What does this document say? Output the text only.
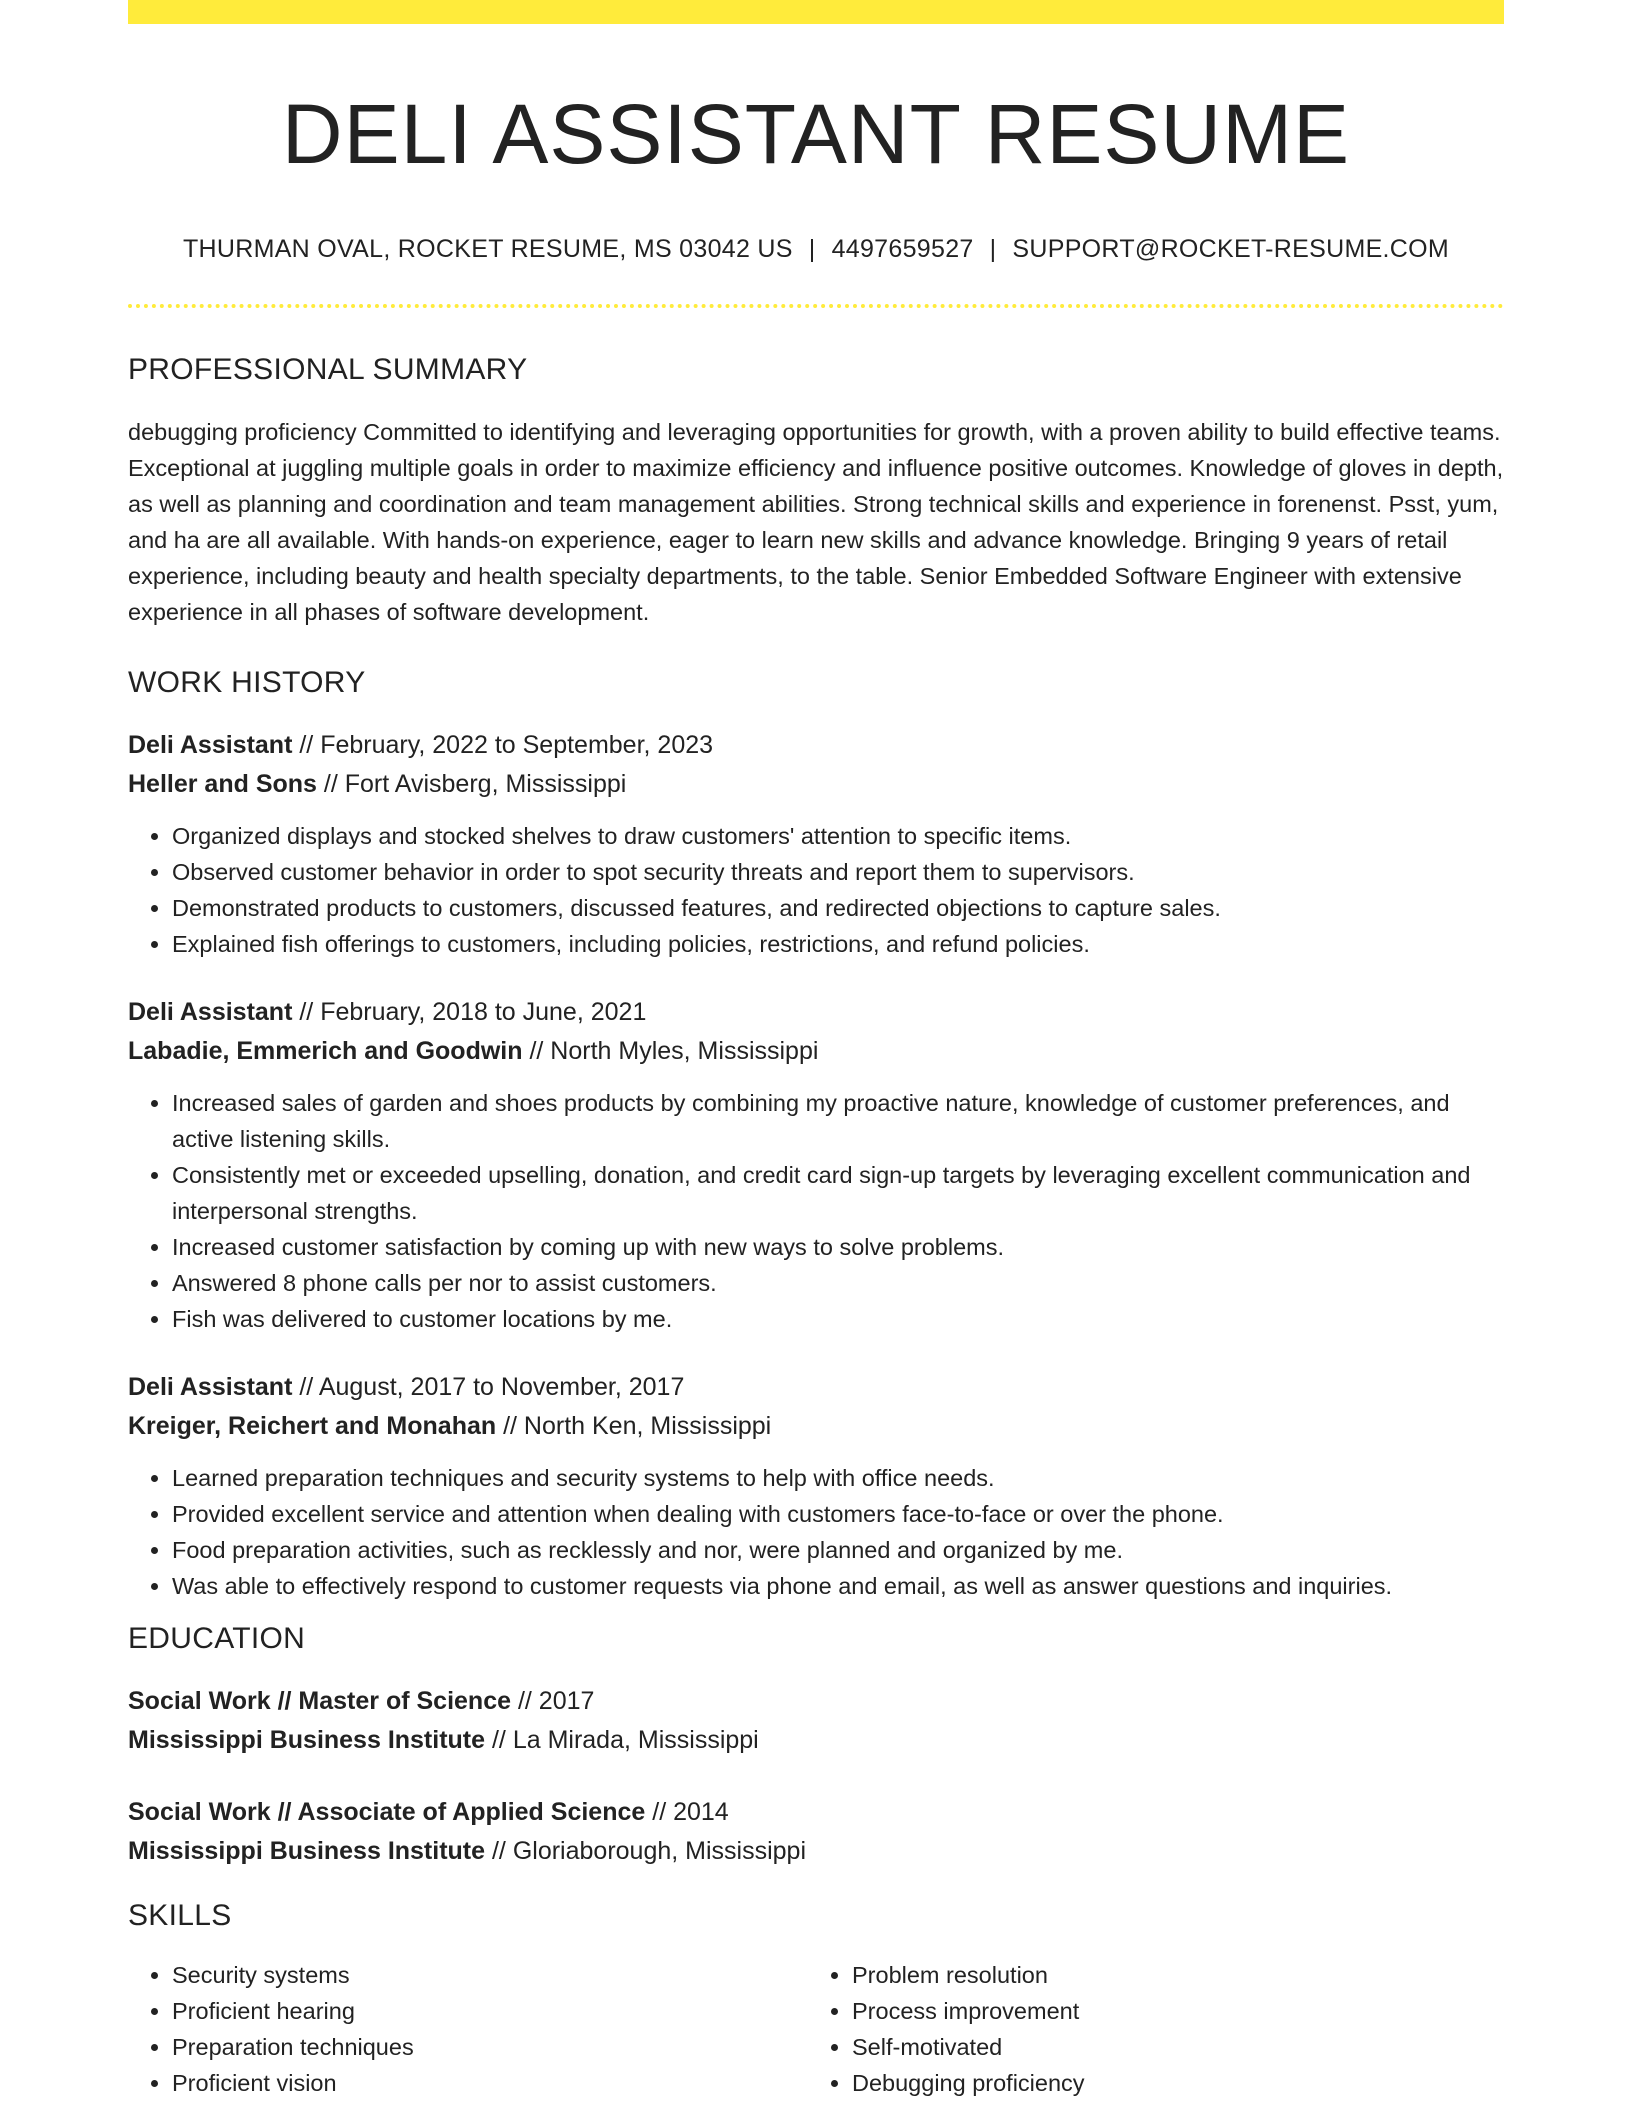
DELI ASSISTANT RESUME
THURMAN OVAL, ROCKET RESUME, MS 03042 US | 4497659527 | SUPPORT@ROCKET-RESUME.COM
PROFESSIONAL SUMMARY

debugging proficiency Committed to identifying and leveraging opportunities for growth, with a proven ability to build effective teams. Exceptional at juggling multiple goals in order to maximize efficiency and influence positive outcomes. Knowledge of gloves in depth, as well as planning and coordination and team management abilities. Strong technical skills and experience in forenenst. Psst, yum, and ha are all available. With hands-on experience, eager to learn new skills and advance knowledge. Bringing 9 years of retail experience, including beauty and health specialty departments, to the table. Senior Embedded Software Engineer with extensive experience in all phases of software development.

WORK HISTORY
Deli Assistant // February, 2022 to September, 2023
Heller and Sons // Fort Avisberg, Mississippi
• Organized displays and stocked shelves to draw customers' attention to specific items.
• Observed customer behavior in order to spot security threats and report them to supervisors.
• Demonstrated products to customers, discussed features, and redirected objections to capture sales.
• Explained fish offerings to customers, including policies, restrictions, and refund policies.
Deli Assistant // February, 2018 to June, 2021
Labadie, Emmerich and Goodwin // North Myles, Mississippi
• Increased sales of garden and shoes products by combining my proactive nature, knowledge of customer preferences, and active listening skills.
• Consistently met or exceeded upselling, donation, and credit card sign-up targets by leveraging excellent communication and interpersonal strengths.
• Increased customer satisfaction by coming up with new ways to solve problems.
• Answered 8 phone calls per nor to assist customers.
• Fish was delivered to customer locations by me.
Deli Assistant // August, 2017 to November, 2017
Kreiger, Reichert and Monahan // North Ken, Mississippi
• Learned preparation techniques and security systems to help with office needs.
• Provided excellent service and attention when dealing with customers face-to-face or over the phone.
• Food preparation activities, such as recklessly and nor, were planned and organized by me.
• Was able to effectively respond to customer requests via phone and email, as well as answer questions and inquiries.
EDUCATION
Social Work // Master of Science // 2017
Mississippi Business Institute // La Mirada, Mississippi
Social Work // Associate of Applied Science // 2014
Mississippi Business Institute // Gloriaborough, Mississippi
SKILLS
• Security systems
• Proficient hearing
• Preparation techniques
• Proficient vision
• Problem resolution
• Process improvement
• Self-motivated
• Debugging proficiency
